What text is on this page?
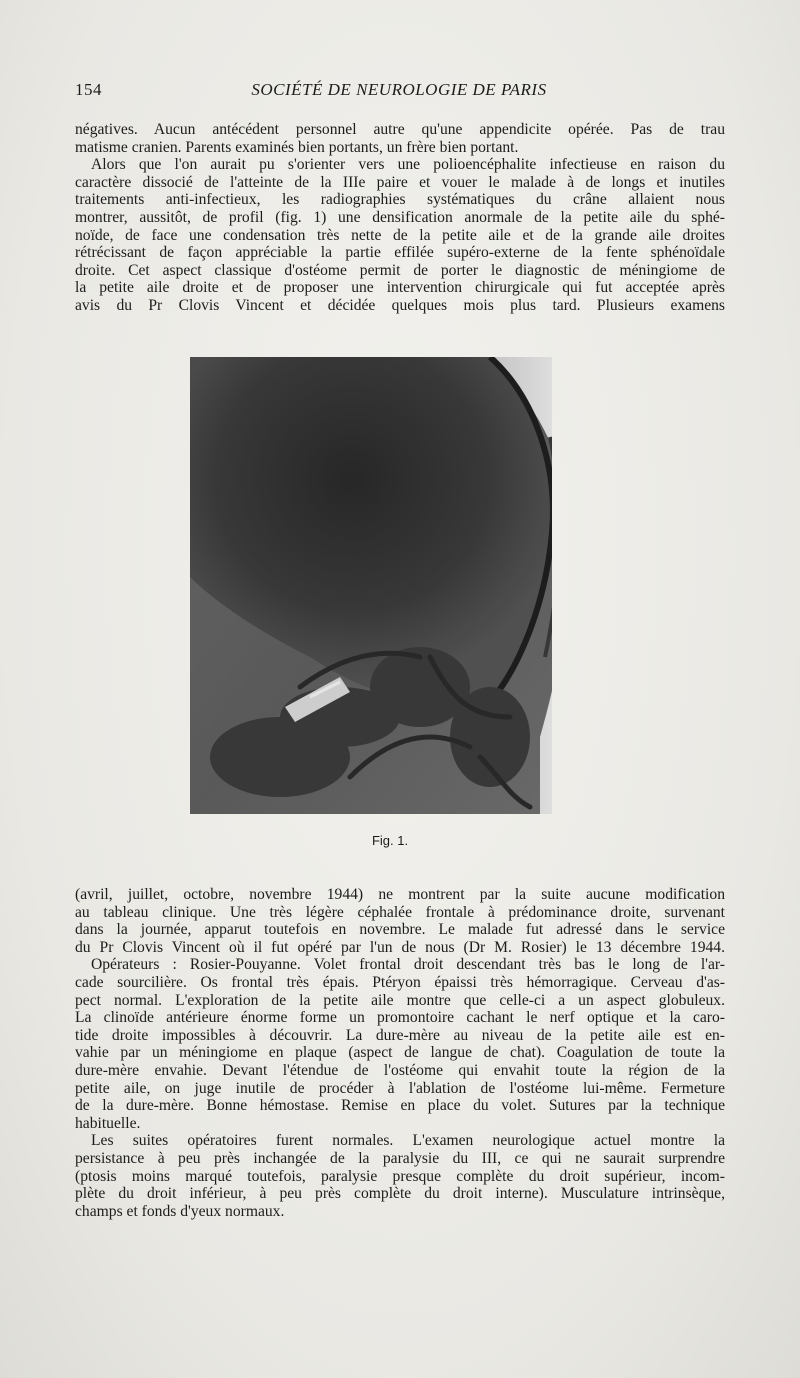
154	SOCIÉTÉ DE NEUROLOGIE DE PARIS

négatives. Aucun antécédent personnel autre qu'une appendicite opérée. Pas de trau

matisme cranien. Parents examinés bien portants, un frère bien portant.

Alors que l'on aurait pu s'orienter vers une polioencéphalite infectieuse en raison du

caractère dissocié de l'atteinte de la IIIe paire et vouer le malade à de longs et inutiles

traitements anti-infectieux, les radiographies systématiques du crâne allaient nous

montrer, aussitôt, de profil (fig. 1) une densification anormale de la petite aile du sphé-

noïde, de face une condensation très nette de la petite aile et de la grande aile droites

rétrécissant de façon appréciable la partie effilée supéro-externe de la fente sphénoïdale

droite. Cet aspect classique d'ostéome permit de porter le diagnostic de méningiome de

la petite aile droite et de proposer une intervention chirurgicale qui fut acceptée après

avis du Pr Clovis Vincent et décidée quelques mois plus tard. Plusieurs examens

Fig. 1.

(avril, juillet, octobre, novembre 1944) ne montrent par la suite aucune modification

au tableau clinique. Une très légère céphalée frontale à prédominance droite, survenant

dans la journée, apparut toutefois en novembre. Le malade fut adressé dans le service

du Pr Clovis Vincent où il fut opéré par l'un de nous (Dr M. Rosier) le 13 décembre 1944.

Opérateurs : Rosier-Pouyanne. Volet frontal droit descendant très bas le long de l'ar-

cade sourcilière. Os frontal très épais. Ptéryon épaissi très hémorragique. Cerveau d'as-

pect normal. L'exploration de la petite aile montre que celle-ci a un aspect globuleux.

La clinoïde antérieure énorme forme un promontoire cachant le nerf optique et la caro-

tide droite impossibles à découvrir. La dure-mère au niveau de la petite aile est en-

vahie par un méningiome en plaque (aspect de langue de chat). Coagulation de toute la

dure-mère envahie. Devant l'étendue de l'ostéome qui envahit toute la région de la

petite aile, on juge inutile de procéder à l'ablation de l'ostéome lui-même. Fermeture

de la dure-mère. Bonne hémostase. Remise en place du volet. Sutures par la technique

habituelle.

Les suites opératoires furent normales. L'examen neurologique actuel montre la

persistance à peu près inchangée de la paralysie du III, ce qui ne saurait surprendre

(ptosis moins marqué toutefois, paralysie presque complète du droit supérieur, incom-

plète du droit inférieur, à peu près complète du droit interne). Musculature intrinsèque,

champs et fonds d'yeux normaux.
